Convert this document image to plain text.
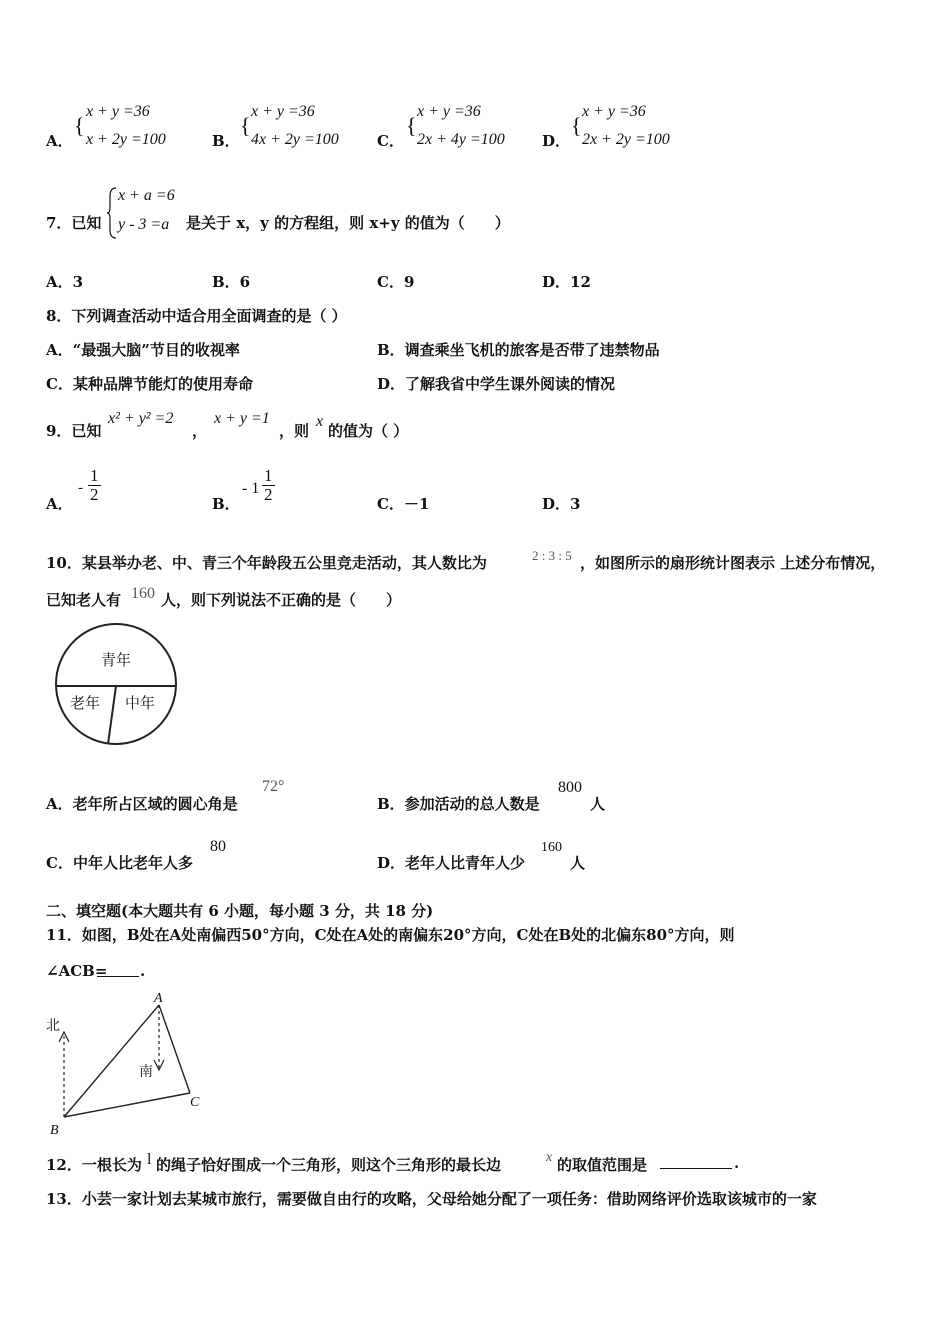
A．
{
x + y =36
x + 2y =100	B．
{
x + y =36
4x + 2y =100	C．
{
x + y =36
2x + 4y =100 D．
{
x + y =36
2x + 2y =100
7．已知
x + a =6
y - 3 =a 是关于 x，y 的方程组，则 x+y 的值为（　　）
A．3	B．6	C．9	D．12
8．下列调查活动中适合用全面调查的是（ ）
A．“最强大脑”节目的收视率	B．调查乘坐飞机的旅客是否带了违禁物品
C．某种品牌节能灯的使用寿命	D．了解我省中学生课外阅读的情况
9．已知
x² + y² =2
，
x + y =1
，则
x
的值为（ ）
A．
- $\frac{1}{2}$	B．
- $1 \frac{1}{2}$	C．－1	D．3
10．某县举办老、中、青三个年龄段五公里竞走活动，其人数比为	2 : 3 : 5 ，如图所示的扇形统计图表示 上述分布情况，
已知老人有 160 人，则下列说法不正确的是（　　）
青年
老年 中年
A．老年所占区域的圆心角是
72°
B．参加活动的总人数是
800
人
C．中年人比老年人多
80
D．老年人比青年人少
160
人
二、填空题(本大题共有 6 小题，每小题 3 分，共 18 分)
11．如图，B处在A处南偏西50°方向，C处在A处的南偏东20°方向，C处在B处的北偏东80°方向，则
∠ACB= .
北
南
A
B
C
12．一根长为 l 的绳子恰好围成一个三角形，则这个三角形的最长边	x 的取值范围是	.
13．小芸一家计划去某城市旅行，需要做自由行的攻略，父母给她分配了一项任务：借助网络评价选取该城市的一家
